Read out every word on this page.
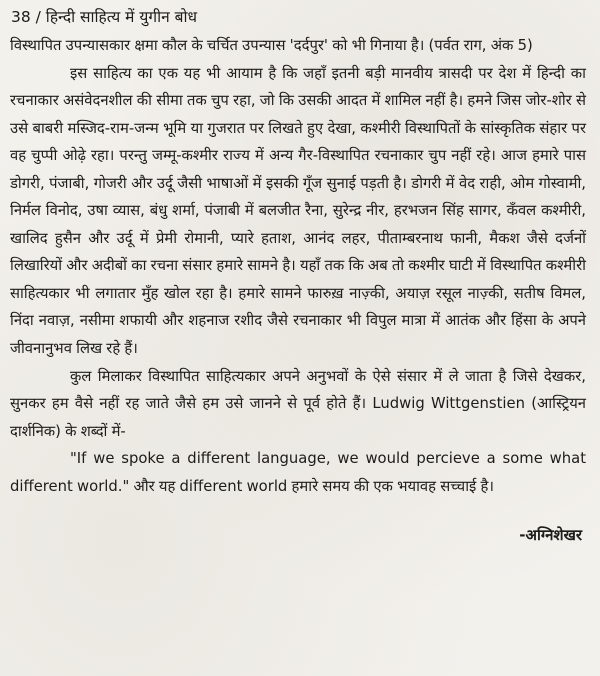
38 / हिन्दी साहित्य में युगीन बोध

विस्थापित उपन्यासकार क्षमा कौल के चर्चित उपन्यास 'दर्दपुर' को भी गिनाया है। (पर्वत राग, अंक 5)

इस साहित्य का एक यह भी आयाम है कि जहाँ इतनी बड़ी मानवीय त्रासदी पर देश में हिन्दी का रचनाकार असंवेदनशील की सीमा तक चुप रहा, जो कि उसकी आदत में शामिल नहीं है। हमने जिस जोर-शोर से उसे बाबरी मस्जिद-राम-जन्म भूमि या गुजरात पर लिखते हुए देखा, कश्मीरी विस्थापितों के सांस्कृतिक संहार पर वह चुप्पी ओढ़े रहा। परन्तु जम्मू-कश्मीर राज्य में अन्य गैर-विस्थापित रचनाकार चुप नहीं रहे। आज हमारे पास डोगरी, पंजाबी, गोजरी और उर्दू जैसी भाषाओं में इसकी गूँज सुनाई पड़ती है। डोगरी में वेद राही, ओम गोस्वामी, निर्मल विनोद, उषा व्यास, बंधु शर्मा, पंजाबी में बलजीत रैना, सुरेन्द्र नीर, हरभजन सिंह सागर, कँवल कश्मीरी, खालिद हुसैन और उर्दू में प्रेमी रोमानी, प्यारे हताश, आनंद लहर, पीताम्बरनाथ फानी, मैकश जैसे दर्जनों लिखारियों और अदीबों का रचना संसार हमारे सामने है। यहाँ तक कि अब तो कश्मीर घाटी में विस्थापित कश्मीरी साहित्यकार भी लगातार मुँह खोल रहा है। हमारे सामने फारुख़ नाज़्की, अयाज़ रसूल नाज़्की, सतीष विमल, निंदा नवाज़, नसीमा शफायी और शहनाज रशीद जैसे रचनाकार भी विपुल मात्रा में आतंक और हिंसा के अपने जीवनानुभव लिख रहे हैं।

कुल मिलाकर विस्थापित साहित्यकार अपने अनुभवों के ऐसे संसार में ले जाता है जिसे देखकर, सुनकर हम वैसे नहीं रह जाते जैसे हम उसे जानने से पूर्व होते हैं। Ludwig Wittgenstien (आस्ट्रियन दार्शनिक) के शब्दों में-

"If we spoke a different language, we would percieve a some what different world." और यह different world हमारे समय की एक भयावह सच्चाई है।

-अग्निशेखर
